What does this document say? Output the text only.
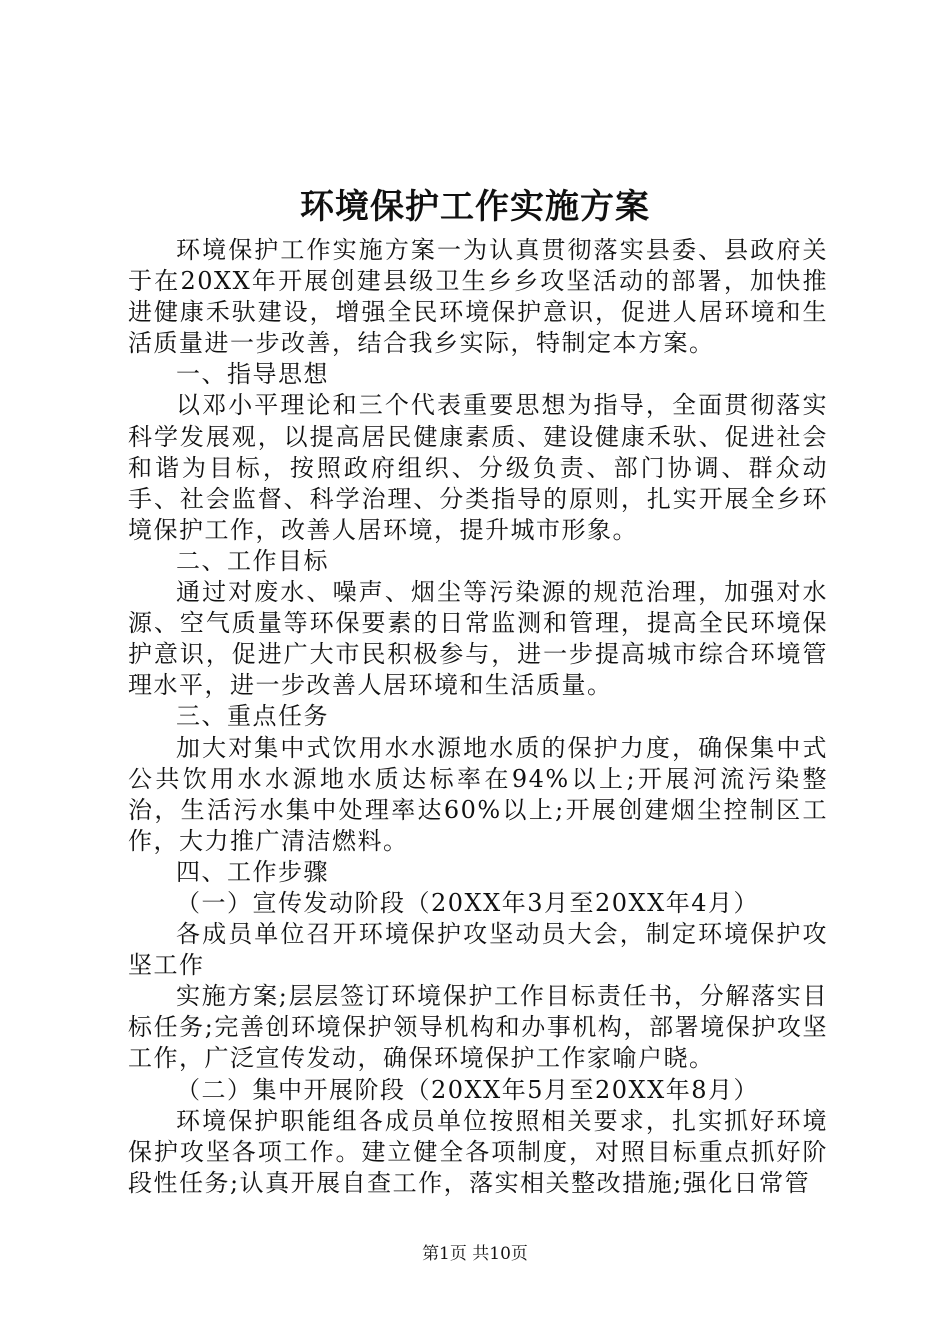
环境保护工作实施方案

环境保护工作实施方案一为认真贯彻落实县委、县政府关于在20XX年开展创建县级卫生乡乡攻坚活动的部署，加快推进健康禾驮建设，增强全民环境保护意识，促进人居环境和生活质量进一步改善，结合我乡实际，特制定本方案。

一、指导思想

以邓小平理论和三个代表重要思想为指导，全面贯彻落实科学发展观，以提高居民健康素质、建设健康禾驮、促进社会和谐为目标，按照政府组织、分级负责、部门协调、群众动手、社会监督、科学治理、分类指导的原则，扎实开展全乡环境保护工作，改善人居环境，提升城市形象。

二、工作目标

通过对废水、噪声、烟尘等污染源的规范治理，加强对水源、空气质量等环保要素的日常监测和管理，提高全民环境保护意识，促进广大市民积极参与，进一步提高城市综合环境管理水平，进一步改善人居环境和生活质量。

三、重点任务

加大对集中式饮用水水源地水质的保护力度，确保集中式公共饮用水水源地水质达标率在94%以上;开展河流污染整治，生活污水集中处理率达60%以上;开展创建烟尘控制区工作，大力推广清洁燃料。

四、工作步骤

（一）宣传发动阶段（20XX年3月至20XX年4月）

各成员单位召开环境保护攻坚动员大会，制定环境保护攻坚工作

实施方案;层层签订环境保护工作目标责任书，分解落实目标任务;完善创环境保护领导机构和办事机构，部署境保护攻坚工作，广泛宣传发动，确保环境保护工作家喻户晓。

（二）集中开展阶段（20XX年5月至20XX年8月）

环境保护职能组各成员单位按照相关要求，扎实抓好环境保护攻坚各项工作。建立健全各项制度，对照目标重点抓好阶段性任务;认真开展自查工作，落实相关整改措施;强化日常管

第1页 共10页
